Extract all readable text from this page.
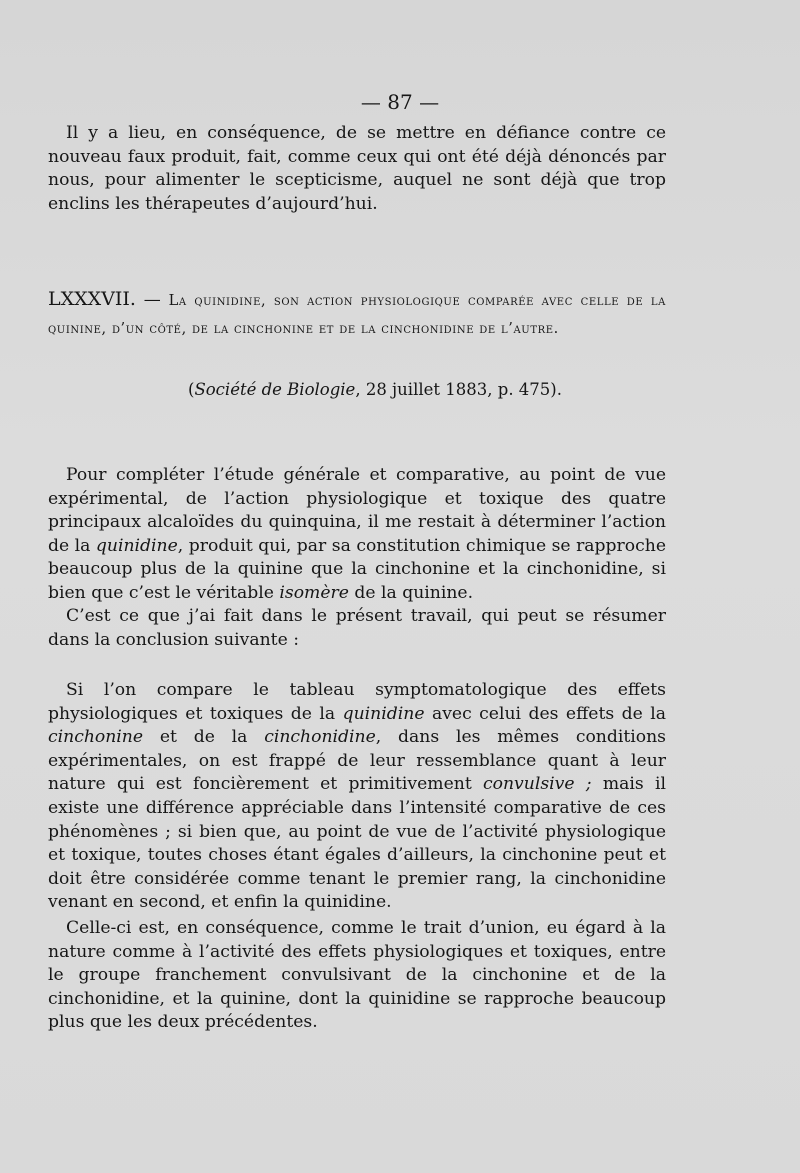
— 87 —

Il y a lieu, en conséquence, de se mettre en défiance contre ce nouveau faux produit, fait, comme ceux qui ont été déjà dénoncés par nous, pour alimenter le scepticisme, auquel ne sont déjà que trop enclins les thérapeutes d’aujourd’hui.

LXXXVII. — La quinidine, son action physiologique comparée avec celle de la quinine, d’un côté, de la cinchonine et de la cinchonidine de l’autre.

(Société de Biologie, 28 juillet 1883, p. 475).

Pour compléter l’étude générale et comparative, au point de vue expérimental, de l’action physiologique et toxique des quatre principaux alcaloïdes du quinquina, il me restait à déterminer l’action de la quinidine, produit qui, par sa constitution chimique se rapproche beaucoup plus de la quinine que la cinchonine et la cinchonidine, si bien que c’est le véritable isomère de la quinine.

C’est ce que j’ai fait dans le présent travail, qui peut se résumer dans la conclusion suivante :

Si l’on compare le tableau symptomatologique des effets physiologiques et toxiques de la quinidine avec celui des effets de la cinchonine et de la cinchonidine, dans les mêmes conditions expérimentales, on est frappé de leur ressemblance quant à leur nature qui est foncièrement et primitivement convulsive ; mais il existe une différence appréciable dans l’intensité comparative de ces phénomènes ; si bien que, au point de vue de l’activité physiologique et toxique, toutes choses étant égales d’ailleurs, la cinchonine peut et doit être considérée comme tenant le premier rang, la cinchonidine venant en second, et enfin la quinidine.

Celle-ci est, en conséquence, comme le trait d’union, eu égard à la nature comme à l’activité des effets physiologiques et toxiques, entre le groupe franchement convulsivant de la cinchonine et de la cinchonidine, et la quinine, dont la quinidine se rapproche beaucoup plus que les deux précédentes.
